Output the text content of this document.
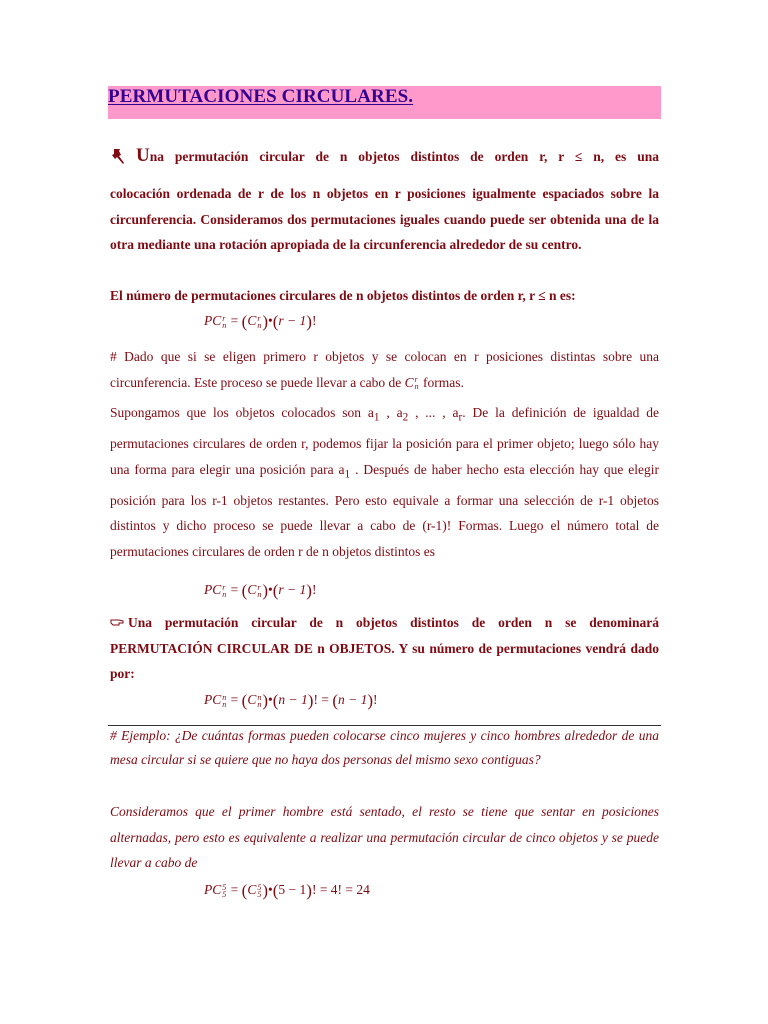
PERMUTACIONES CIRCULARES.
Una permutación circular de n objetos distintos de orden r, r ≤ n, es una
colocación ordenada de r de los n objetos en r posiciones igualmente espaciados sobre la circunferencia. Consideramos dos permutaciones iguales cuando puede ser obtenida una de la otra mediante una rotación apropiada de la circunferencia alrededor de su centro.
El número de permutaciones circulares de n objetos distintos de orden r, r ≤ n es:
PC r
n = (C r
n )•(r − 1)!
# Dado que si se eligen primero r objetos y se colocan en r posiciones distintas sobre una circunferencia. Este proceso se puede llevar a cabo de C r
n formas.
Supongamos que los objetos colocados son $a_1$ , $a_2$ , ... , $a_r$. De la definición de igualdad de permutaciones circulares de orden r, podemos fijar la posición para el primer objeto; luego sólo hay una forma para elegir una posición para $a_1$ . Después de haber hecho esta elección hay que elegir posición para los r-1 objetos restantes. Pero esto equivale a formar una selección de r-1 objetos distintos y dicho proceso se puede llevar a cabo de (r-1)! Formas. Luego el número total de permutaciones circulares de orden r de n objetos distintos es
PC r
n = (C r
n )•(r − 1)!
Una permutación circular de n objetos distintos de orden n se denominará PERMUTACIÓN CIRCULAR DE n OBJETOS. Y su número de permutaciones vendrá dado por:
PC n
n = (C n
n )•(n − 1)! = (n − 1)!
# Ejemplo: ¿De cuántas formas pueden colocarse cinco mujeres y cinco hombres alrededor de una mesa circular si se quiere que no haya dos personas del mismo sexo contiguas?
Consideramos que el primer hombre está sentado, el resto se tiene que sentar en posiciones alternadas, pero esto es equivalente a realizar una permutación circular de cinco objetos y se puede llevar a cabo de
PC 5
5 = (C 5
5 )•(5 − 1)! = 4! = 24
